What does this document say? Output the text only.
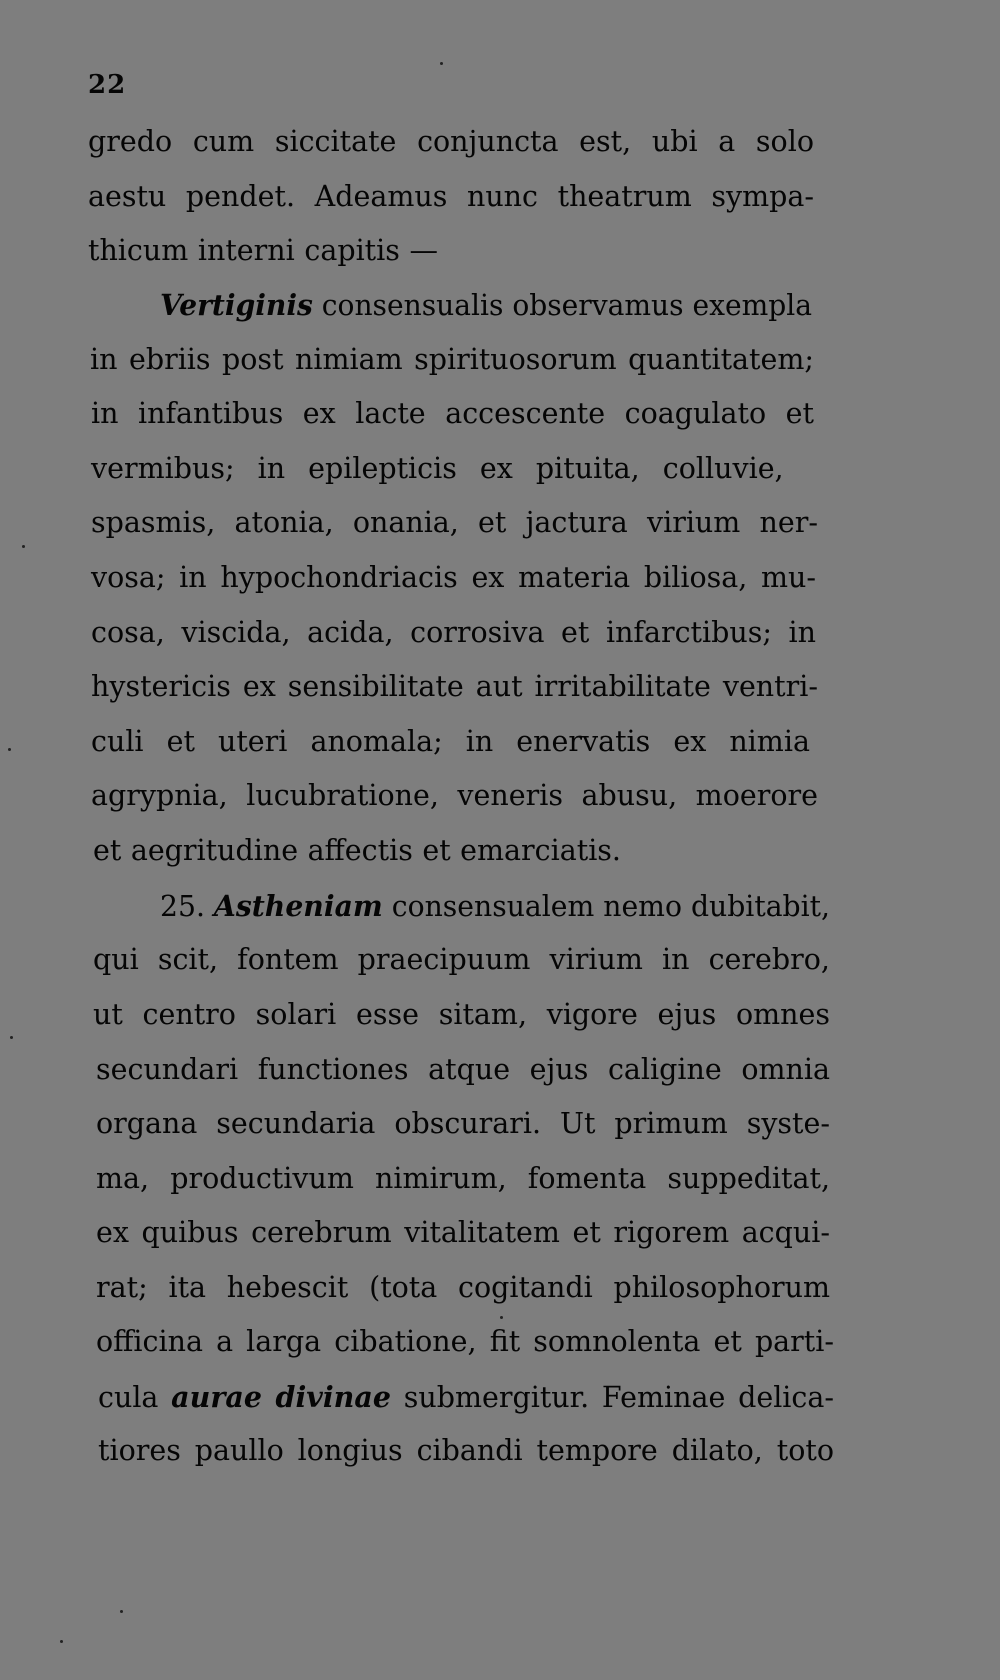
22
gredo cum siccitate conjuncta est, ubi a solo
aestu pendet. Adeamus nunc theatrum sympa-
thicum interni capitis —
Vertiginis consensualis observamus exempla
in ebriis post nimiam spirituosorum quantitatem;
in infantibus ex lacte accescente coagulato et
vermibus; in epilepticis ex pituita, colluvie,
spasmis, atonia, onania, et jactura virium ner-
vosa; in hypochondriacis ex materia biliosa, mu-
cosa, viscida, acida, corrosiva et infarctibus; in
hystericis ex sensibilitate aut irritabilitate ventri-
culi et uteri anomala; in enervatis ex nimia
agrypnia, lucubratione, veneris abusu, moerore
et aegritudine affectis et emarciatis.
25. Astheniam consensualem nemo dubitabit,
qui scit, fontem praecipuum virium in cerebro,
ut centro solari esse sitam, vigore ejus omnes
secundari functiones atque ejus caligine omnia
organa secundaria obscurari. Ut primum syste-
ma, productivum nimirum, fomenta suppeditat,
ex quibus cerebrum vitalitatem et rigorem acqui-
rat; ita hebescit (tota cogitandi philosophorum
officina a larga cibatione, fit somnolenta et parti-
cula aurae divinae submergitur. Feminae delica-
tiores paullo longius cibandi tempore dilato, toto
